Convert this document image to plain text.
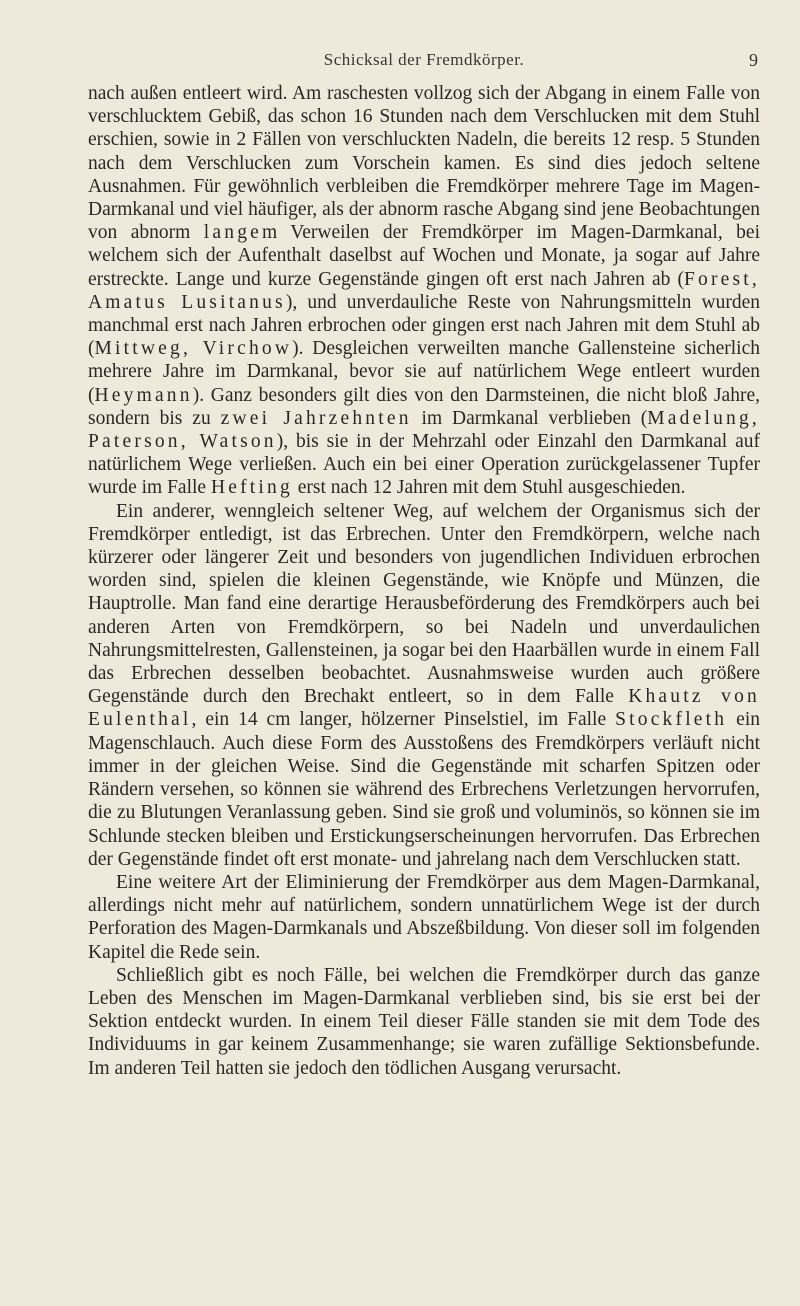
Schicksal der Fremdkörper.	9

nach außen entleert wird. Am raschesten vollzog sich der Abgang in einem Falle von verschlucktem Gebiß, das schon 16 Stunden nach dem Verschlucken mit dem Stuhl erschien, sowie in 2 Fällen von verschluckten Nadeln, die bereits 12 resp. 5 Stunden nach dem Verschlucken zum Vorschein kamen. Es sind dies jedoch seltene Ausnahmen. Für gewöhnlich verbleiben die Fremdkörper mehrere Tage im Magen-Darmkanal und viel häufiger, als der abnorm rasche Abgang sind jene Beobachtungen von abnorm langem Verweilen der Fremdkörper im Magen-Darmkanal, bei welchem sich der Aufenthalt daselbst auf Wochen und Monate, ja sogar auf Jahre erstreckte. Lange und kurze Gegenstände gingen oft erst nach Jahren ab (Forest, Amatus Lusitanus), und unverdauliche Reste von Nahrungsmitteln wurden manchmal erst nach Jahren erbrochen oder gingen erst nach Jahren mit dem Stuhl ab (Mittweg, Virchow). Desgleichen verweilten manche Gallensteine sicherlich mehrere Jahre im Darmkanal, bevor sie auf natürlichem Wege entleert wurden (Heymann). Ganz besonders gilt dies von den Darmsteinen, die nicht bloß Jahre, sondern bis zu zwei Jahrzehnten im Darmkanal verblieben (Madelung, Paterson, Watson), bis sie in der Mehrzahl oder Einzahl den Darmkanal auf natürlichem Wege verließen. Auch ein bei einer Operation zurückgelassener Tupfer wurde im Falle Hefting erst nach 12 Jahren mit dem Stuhl ausgeschieden.

Ein anderer, wenngleich seltener Weg, auf welchem der Organismus sich der Fremdkörper entledigt, ist das Erbrechen. Unter den Fremdkörpern, welche nach kürzerer oder längerer Zeit und besonders von jugendlichen Individuen erbrochen worden sind, spielen die kleinen Gegenstände, wie Knöpfe und Münzen, die Hauptrolle. Man fand eine derartige Herausbeförderung des Fremdkörpers auch bei anderen Arten von Fremdkörpern, so bei Nadeln und unverdaulichen Nahrungsmittelresten, Gallensteinen, ja sogar bei den Haarbällen wurde in einem Fall das Erbrechen desselben beobachtet. Ausnahmsweise wurden auch größere Gegenstände durch den Brechakt entleert, so in dem Falle Khautz von Eulenthal, ein 14 cm langer, hölzerner Pinselstiel, im Falle Stockfleth ein Magenschlauch. Auch diese Form des Ausstoßens des Fremdkörpers verläuft nicht immer in der gleichen Weise. Sind die Gegenstände mit scharfen Spitzen oder Rändern versehen, so können sie während des Erbrechens Verletzungen hervorrufen, die zu Blutungen Veranlassung geben. Sind sie groß und voluminös, so können sie im Schlunde stecken bleiben und Erstickungserscheinungen hervorrufen. Das Erbrechen der Gegenstände findet oft erst monate- und jahrelang nach dem Verschlucken statt.

Eine weitere Art der Eliminierung der Fremdkörper aus dem Magen-Darmkanal, allerdings nicht mehr auf natürlichem, sondern unnatürlichem Wege ist der durch Perforation des Magen-Darmkanals und Abszeßbildung. Von dieser soll im folgenden Kapitel die Rede sein.

Schließlich gibt es noch Fälle, bei welchen die Fremdkörper durch das ganze Leben des Menschen im Magen-Darmkanal verblieben sind, bis sie erst bei der Sektion entdeckt wurden. In einem Teil dieser Fälle standen sie mit dem Tode des Individuums in gar keinem Zusammenhange; sie waren zufällige Sektionsbefunde. Im anderen Teil hatten sie jedoch den tödlichen Ausgang verursacht.
